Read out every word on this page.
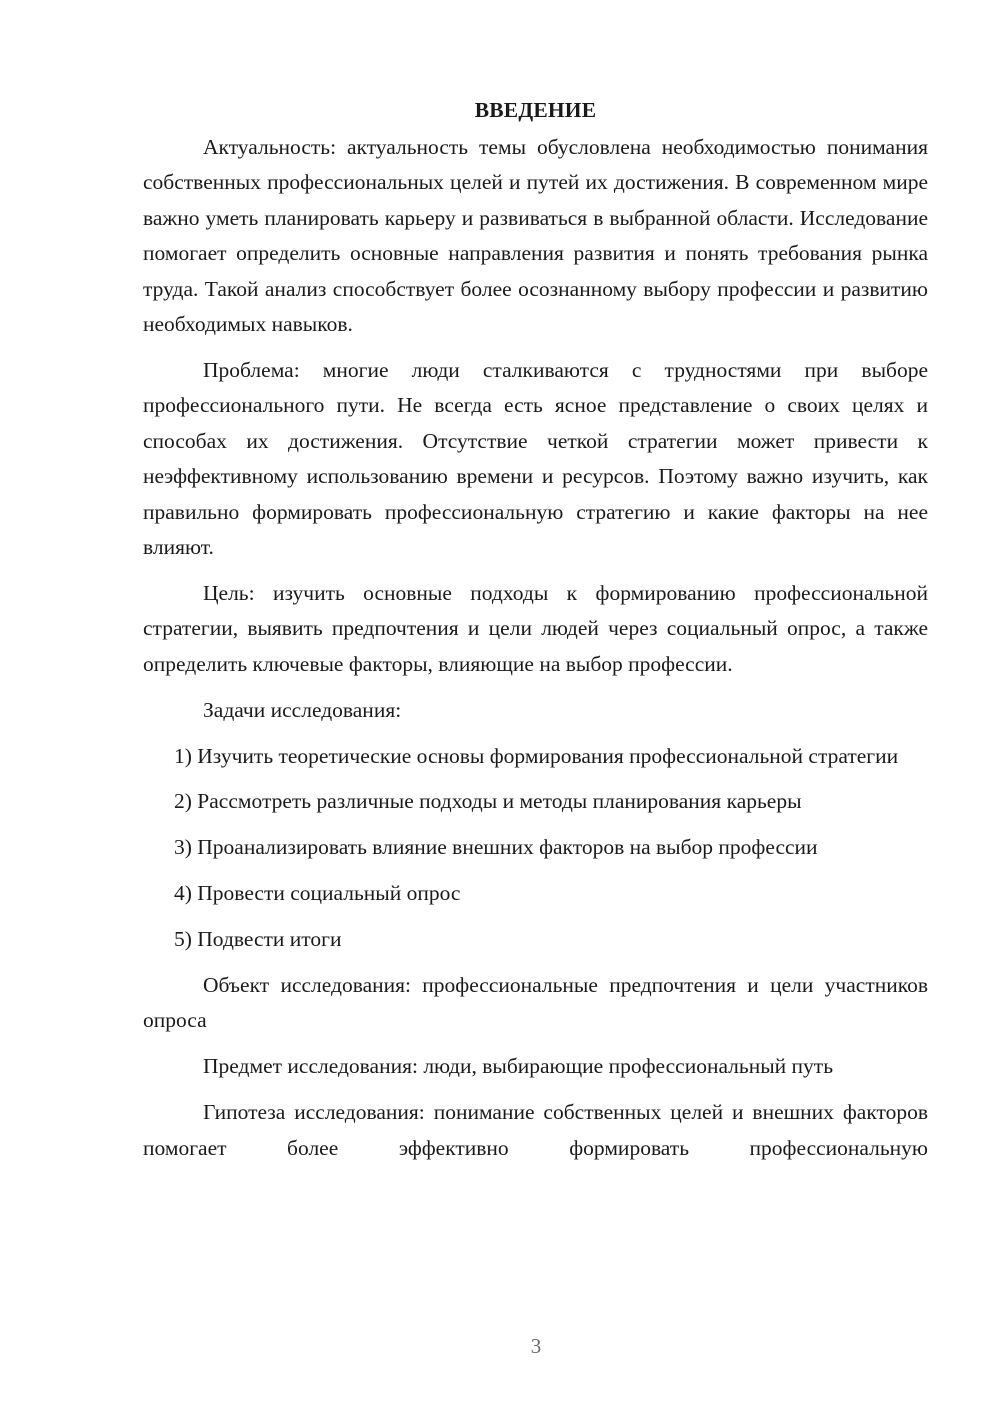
ВВЕДЕНИЕ

Актуальность: актуальность темы обусловлена необходимостью понимания собственных профессиональных целей и путей их достижения. В современном мире важно уметь планировать карьеру и развиваться в выбранной области. Исследование помогает определить основные направления развития и понять требования рынка труда. Такой анализ способствует более осознанному выбору профессии и развитию необходимых навыков.

Проблема: многие люди сталкиваются с трудностями при выборе профессионального пути. Не всегда есть ясное представление о своих целях и способах их достижения. Отсутствие четкой стратегии может привести к неэффективному использованию времени и ресурсов. Поэтому важно изучить, как правильно формировать профессиональную стратегию и какие факторы на нее влияют.

Цель: изучить основные подходы к формированию профессиональной стратегии, выявить предпочтения и цели людей через социальный опрос, а также определить ключевые факторы, влияющие на выбор профессии.

Задачи исследования:

1) Изучить теоретические основы формирования профессиональной стратегии

2) Рассмотреть различные подходы и методы планирования карьеры

3) Проанализировать влияние внешних факторов на выбор профессии

4) Провести социальный опрос

5) Подвести итоги

Объект исследования: профессиональные предпочтения и цели участников опроса

Предмет исследования: люди, выбирающие профессиональный путь

Гипотеза исследования: понимание собственных целей и внешних факторов помогает более эффективно формировать профессиональную

3
